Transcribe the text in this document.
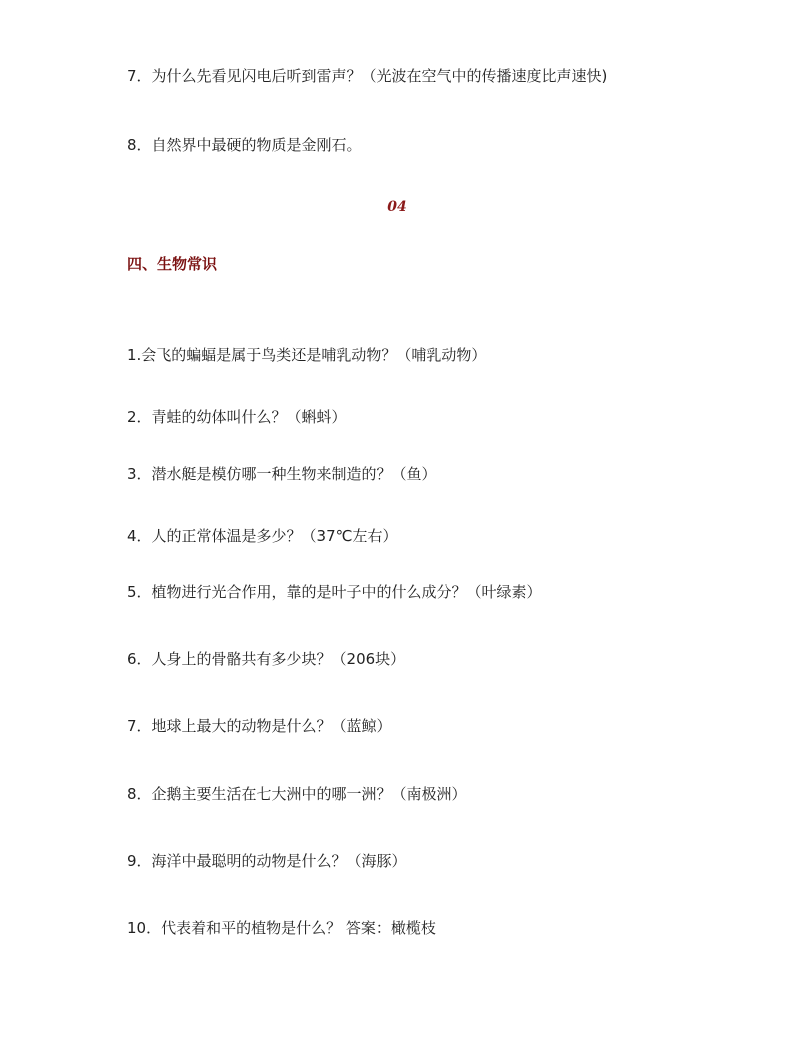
7．为什么先看见闪电后听到雷声？（光波在空气中的传播速度比声速快)
8．自然界中最硬的物质是金刚石。
04
四、生物常识
1.会飞的蝙蝠是属于鸟类还是哺乳动物？（哺乳动物）
2．青蛙的幼体叫什么？（蝌蚪）
3．潜水艇是模仿哪一种生物来制造的？（鱼）
4．人的正常体温是多少？（37℃左右）
5．植物进行光合作用，靠的是叶子中的什么成分？（叶绿素）
6．人身上的骨骼共有多少块？（206块）
7．地球上最大的动物是什么？（蓝鲸）
8．企鹅主要生活在七大洲中的哪一洲？（南极洲）
9．海洋中最聪明的动物是什么？（海豚）
10．代表着和平的植物是什么？ 答案：橄榄枝
